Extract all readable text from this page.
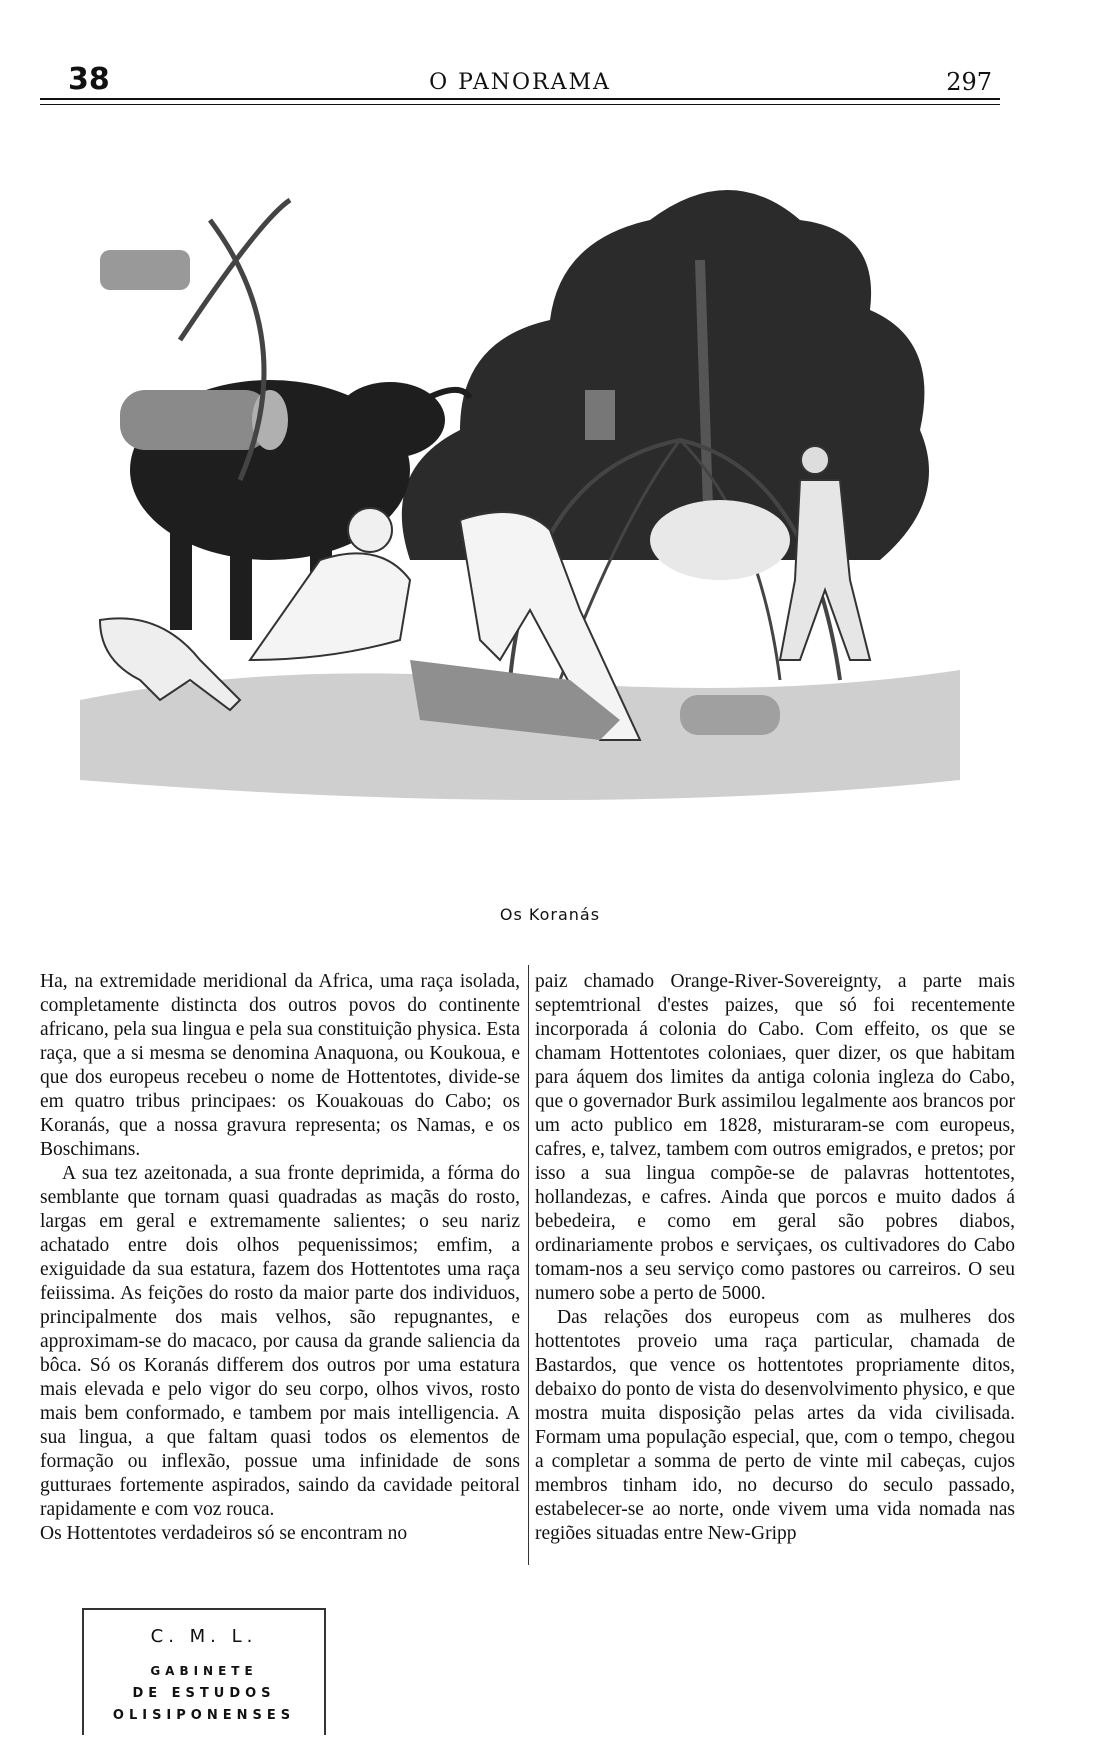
38	O PANORAMA	297
Os Koranás

Ha, na extremidade meridional da Africa, uma raça isolada, completamente distincta dos outros povos do continente africano, pela sua lingua e pela sua constituição physica. Esta raça, que a si mesma se denomina Anaquona, ou Koukoua, e que dos europeus recebeu o nome de Hottentotes, divide-se em quatro tribus principaes: os Kouakouas do Cabo; os Koranás, que a nossa gravura representa; os Namas, e os Boschimans.

A sua tez azeitonada, a sua fronte deprimida, a fórma do semblante que tornam quasi quadradas as maçãs do rosto, largas em geral e extremamente salientes; o seu nariz achatado entre dois olhos pequenissimos; emfim, a exiguidade da sua estatura, fazem dos Hottentotes uma raça feiissima. As feições do rosto da maior parte dos individuos, principalmente dos mais velhos, são repugnantes, e approximam-se do macaco, por causa da grande saliencia da bôca. Só os Koranás differem dos outros por uma estatura mais elevada e pelo vigor do seu corpo, olhos vivos, rosto mais bem conformado, e tambem por mais intelligencia. A sua lingua, a que faltam quasi todos os elementos de formação ou inflexão, possue uma infinidade de sons gutturaes fortemente aspirados, saindo da cavidade peitoral rapidamente e com voz rouca.

Os Hottentotes verdadeiros só se encontram no

paiz chamado Orange-River-Sovereignty, a parte mais septemtrional d'estes paizes, que só foi recentemente incorporada á colonia do Cabo. Com effeito, os que se chamam Hottentotes coloniaes, quer dizer, os que habitam para áquem dos limites da antiga colonia ingleza do Cabo, que o governador Burk assimilou legalmente aos brancos por um acto publico em 1828, misturaram-se com europeus, cafres, e, talvez, tambem com outros emigrados, e pretos; por isso a sua lingua compõe-se de palavras hottentotes, hollandezas, e cafres. Ainda que porcos e muito dados á bebedeira, e como em geral são pobres diabos, ordinariamente probos e serviçaes, os cultivadores do Cabo tomam-nos a seu serviço como pastores ou carreiros. O seu numero sobe a perto de 5000.

Das relações dos europeus com as mulheres dos hottentotes proveio uma raça particular, chamada de Bastardos, que vence os hottentotes propriamente ditos, debaixo do ponto de vista do desenvolvimento physico, e que mostra muita disposição pelas artes da vida civilisada. Formam uma população especial, que, com o tempo, chegou a completar a somma de perto de vinte mil cabeças, cujos membros tinham ido, no decurso do seculo passado, estabelecer-se ao norte, onde vivem uma vida nomada nas regiões situadas entre New-Gripp

C. M. L.
GABINETE
DE ESTUDOS
OLISIPONENSES
